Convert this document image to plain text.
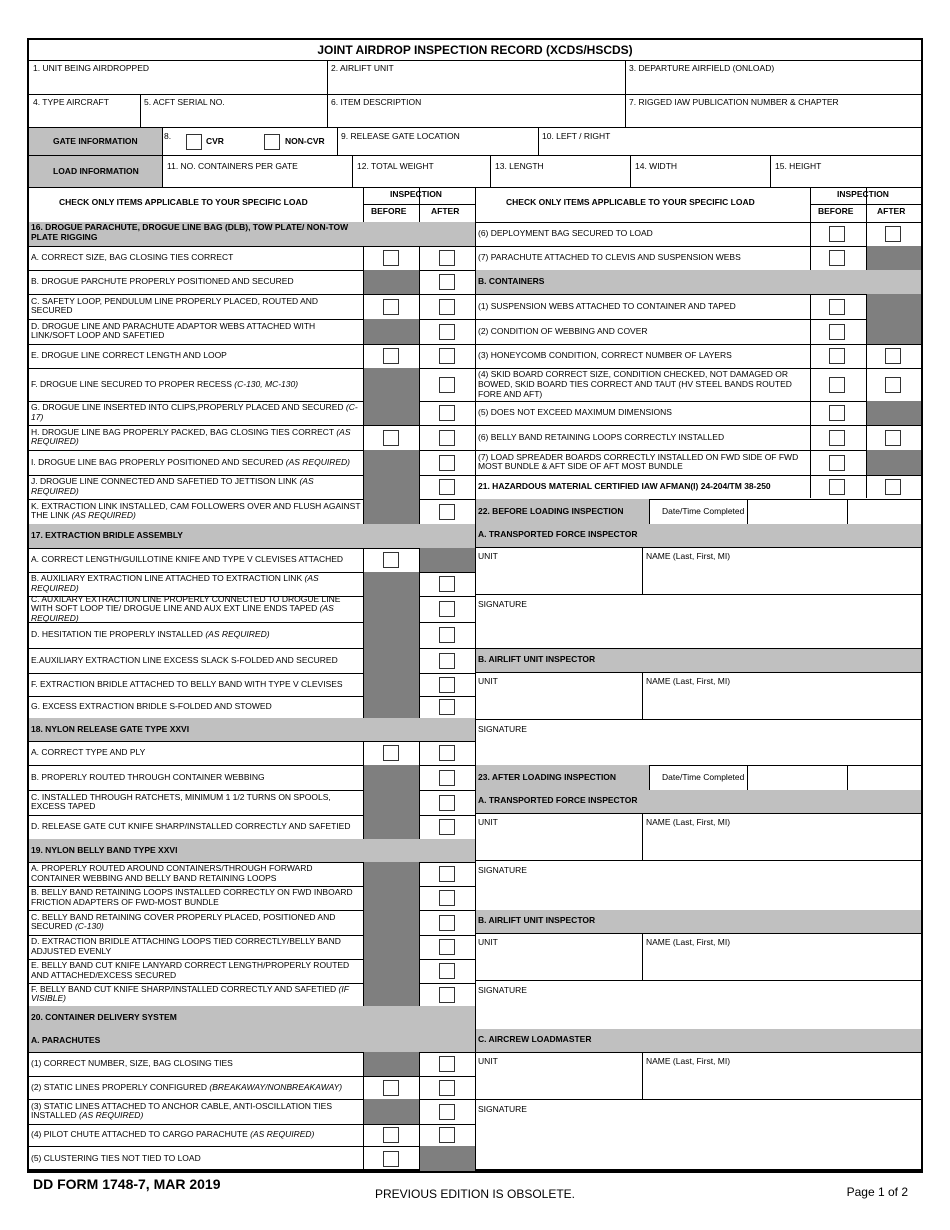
JOINT AIRDROP INSPECTION RECORD (XCDS/HSCDS)
1. UNIT BEING AIRDROPPED	2. AIRLIFT UNIT	3. DEPARTURE AIRFIELD (ONLOAD)
4. TYPE AIRCRAFT	5. ACFT SERIAL NO.	6. ITEM DESCRIPTION	7. RIGGED IAW PUBLICATION NUMBER & CHAPTER
GATE INFORMATION	8.	CVR	NON-CVR 9. RELEASE GATE LOCATION	10. LEFT / RIGHT
LOAD INFORMATION	11. NO. CONTAINERS PER GATE	12. TOTAL WEIGHT	13. LENGTH	14. WIDTH	15. HEIGHT
CHECK ONLY ITEMS APPLICABLE TO YOUR SPECIFIC LOAD
INSPECTION
BEFORE	AFTER
CHECK ONLY ITEMS APPLICABLE TO YOUR SPECIFIC LOAD
INSPECTION
BEFORE	AFTER
16. DROGUE PARACHUTE, DROGUE LINE BAG (DLB), TOW PLATE/ NON-TOW PLATE RIGGING
A. CORRECT SIZE, BAG CLOSING TIES CORRECT
B. DROGUE PARCHUTE PROPERLY POSITIONED AND SECURED
C. SAFETY LOOP, PENDULUM LINE PROPERLY PLACED, ROUTED AND SECURED
D. DROGUE LINE AND PARACHUTE ADAPTOR WEBS ATTACHED WITH LINK/SOFT LOOP AND SAFETIED
E. DROGUE LINE CORRECT LENGTH AND LOOP
F. DROGUE LINE SECURED TO PROPER RECESS (C-130, MC-130)
G. DROGUE LINE INSERTED INTO CLIPS,PROPERLY PLACED AND SECURED (C-17)
H. DROGUE LINE BAG PROPERLY PACKED, BAG CLOSING TIES CORRECT (AS REQUIRED)
I. DROGUE LINE BAG PROPERLY POSITIONED AND SECURED (AS REQUIRED)
J. DROGUE LINE CONNECTED AND SAFETIED TO JETTISON LINK (AS REQUIRED)
K. EXTRACTION LINK INSTALLED, CAM FOLLOWERS OVER AND FLUSH AGAINST THE LINK (AS REQUIRED)
17. EXTRACTION BRIDLE ASSEMBLY
A. CORRECT LENGTH/GUILLOTINE KNIFE AND TYPE V CLEVISES ATTACHED
B. AUXILIARY EXTRACTION LINE ATTACHED TO EXTRACTION LINK (AS REQUIRED)
C. AUXILARY EXTRACTION LINE PROPERLY CONNECTED TO DROGUE LINE WITH SOFT LOOP TIE/ DROGUE LINE AND AUX EXT LINE ENDS TAPED (AS REQUIRED)
D. HESITATION TIE PROPERLY INSTALLED (AS REQUIRED)
E.AUXILIARY EXTRACTION LINE EXCESS SLACK S-FOLDED AND SECURED
F. EXTRACTION BRIDLE ATTACHED TO BELLY BAND WITH TYPE V CLEVISES
G. EXCESS EXTRACTION BRIDLE S-FOLDED AND STOWED
18. NYLON RELEASE GATE TYPE XXVI
A. CORRECT TYPE AND PLY
B. PROPERLY ROUTED THROUGH CONTAINER WEBBING
C. INSTALLED THROUGH RATCHETS, MINIMUM 1 1/2 TURNS ON SPOOLS, EXCESS TAPED
D. RELEASE GATE CUT KNIFE SHARP/INSTALLED CORRECTLY AND SAFETIED
19. NYLON BELLY BAND TYPE XXVI
A. PROPERLY ROUTED AROUND CONTAINERS/THROUGH FORWARD CONTAINER WEBBING AND BELLY BAND RETAINING LOOPS
B. BELLY BAND RETAINING LOOPS INSTALLED CORRECTLY ON FWD INBOARD FRICTION ADAPTERS OF FWD-MOST BUNDLE
C. BELLY BAND RETAINING COVER PROPERLY PLACED, POSITIONED AND SECURED (C-130)
D. EXTRACTION BRIDLE ATTACHING LOOPS TIED CORRECTLY/BELLY BAND ADJUSTED EVENLY
E. BELLY BAND CUT KNIFE LANYARD CORRECT LENGTH/PROPERLY ROUTED AND ATTACHED/EXCESS SECURED
F. BELLY BAND CUT KNIFE SHARP/INSTALLED CORRECTLY AND SAFETIED (IF VISIBLE)
20. CONTAINER DELIVERY SYSTEM
A. PARACHUTES
(1) CORRECT NUMBER, SIZE, BAG CLOSING TIES
(2) STATIC LINES PROPERLY CONFIGURED (BREAKAWAY/NONBREAKAWAY)
(3) STATIC LINES ATTACHED TO ANCHOR CABLE, ANTI-OSCILLATION TIES INSTALLED (AS REQUIRED)
(4) PILOT CHUTE ATTACHED TO CARGO PARACHUTE (AS REQUIRED)
(5) CLUSTERING TIES NOT TIED TO LOAD
(6) DEPLOYMENT BAG SECURED TO LOAD
(7) PARACHUTE ATTACHED TO CLEVIS AND SUSPENSION WEBS
B. CONTAINERS
(1) SUSPENSION WEBS ATTACHED TO CONTAINER AND TAPED
(2) CONDITION OF WEBBING AND COVER
(3) HONEYCOMB CONDITION, CORRECT NUMBER OF LAYERS
(4) SKID BOARD CORRECT SIZE, CONDITION CHECKED, NOT DAMAGED OR BOWED, SKID BOARD TIES CORRECT AND TAUT (HV STEEL BANDS ROUTED FORE AND AFT)
(5) DOES NOT EXCEED MAXIMUM DIMENSIONS
(6) BELLY BAND RETAINING LOOPS CORRECTLY INSTALLED
(7) LOAD SPREADER BOARDS CORRECTLY INSTALLED ON FWD SIDE OF FWD MOST BUNDLE & AFT SIDE OF AFT MOST BUNDLE
21. HAZARDOUS MATERIAL CERTIFIED IAW AFMAN(I) 24-204/TM 38-250
22. BEFORE LOADING INSPECTION	Date/Time Completed
A. TRANSPORTED FORCE INSPECTOR
UNIT	NAME (Last, First, MI)
SIGNATURE
B. AIRLIFT UNIT INSPECTOR
UNIT	NAME (Last, First, MI)
SIGNATURE
23. AFTER LOADING INSPECTION	Date/Time Completed
A. TRANSPORTED FORCE INSPECTOR
UNIT	NAME (Last, First, MI)
SIGNATURE
B. AIRLIFT UNIT INSPECTOR
UNIT	NAME (Last, First, MI)
SIGNATURE
C. AIRCREW LOADMASTER
UNIT	NAME (Last, First, MI)
SIGNATURE
DD FORM 1748-7, MAR 2019
PREVIOUS EDITION IS OBSOLETE.	Page 1 of 2
